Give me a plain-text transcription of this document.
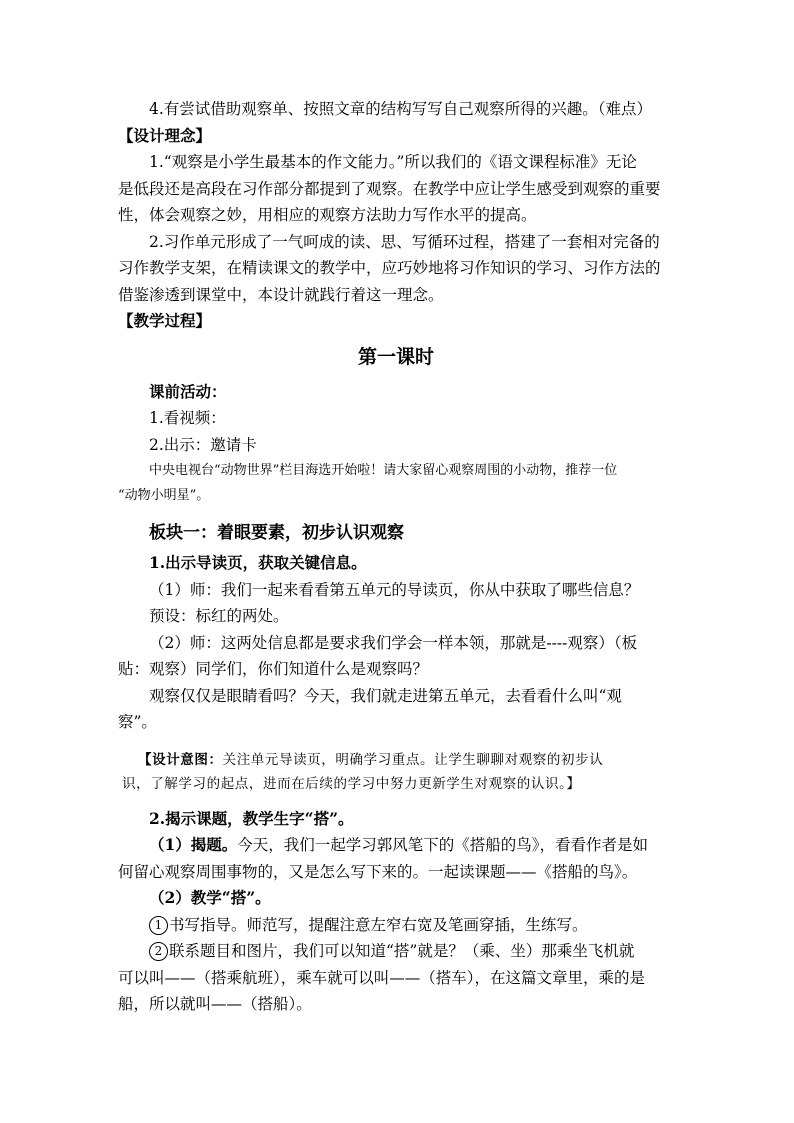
4.有尝试借助观察单、按照文章的结构写写自己观察所得的兴趣。（难点）
【设计理念】
1.“观察是小学生最基本的作文能力。”所以我们的《语文课程标准》无论
是低段还是高段在习作部分都提到了观察。在教学中应让学生感受到观察的重要
性，体会观察之妙，用相应的观察方法助力写作水平的提高。
2.习作单元形成了一气呵成的读、思、写循环过程，搭建了一套相对完备的
习作教学支架，在精读课文的教学中，应巧妙地将习作知识的学习、习作方法的
借鉴渗透到课堂中，本设计就践行着这一理念。
【教学过程】
第一课时
课前活动：
1.看视频：
2.出示：邀请卡
中央电视台“动物世界”栏目海选开始啦！请大家留心观察周围的小动物，推荐一位
“动物小明星”。
板块一：着眼要素，初步认识观察
1.出示导读页，获取关键信息。
（1）师：我们一起来看看第五单元的导读页，你从中获取了哪些信息？
预设：标红的两处。
（2）师：这两处信息都是要求我们学会一样本领，那就是----观察）（板
贴：观察）同学们，你们知道什么是观察吗？
观察仅仅是眼睛看吗？今天，我们就走进第五单元，去看看什么叫“观
察”。
【设计意图：关注单元导读页，明确学习重点。让学生聊聊对观察的初步认
识，了解学习的起点，进而在后续的学习中努力更新学生对观察的认识。】
2.揭示课题，教学生字“搭”。
（1）揭题。今天，我们一起学习郭风笔下的《搭船的鸟》，看看作者是如
何留心观察周围事物的，又是怎么写下来的。一起读课题——《搭船的鸟》。
（2）教学“搭”。
1 书写指导。师范写，提醒注意左窄右宽及笔画穿插，生练写。
2 联系题目和图片，我们可以知道“搭”就是？（乘、坐）那乘坐飞机就
可以叫——（搭乘航班），乘车就可以叫——（搭车），在这篇文章里，乘的是
船，所以就叫——（搭船）。
